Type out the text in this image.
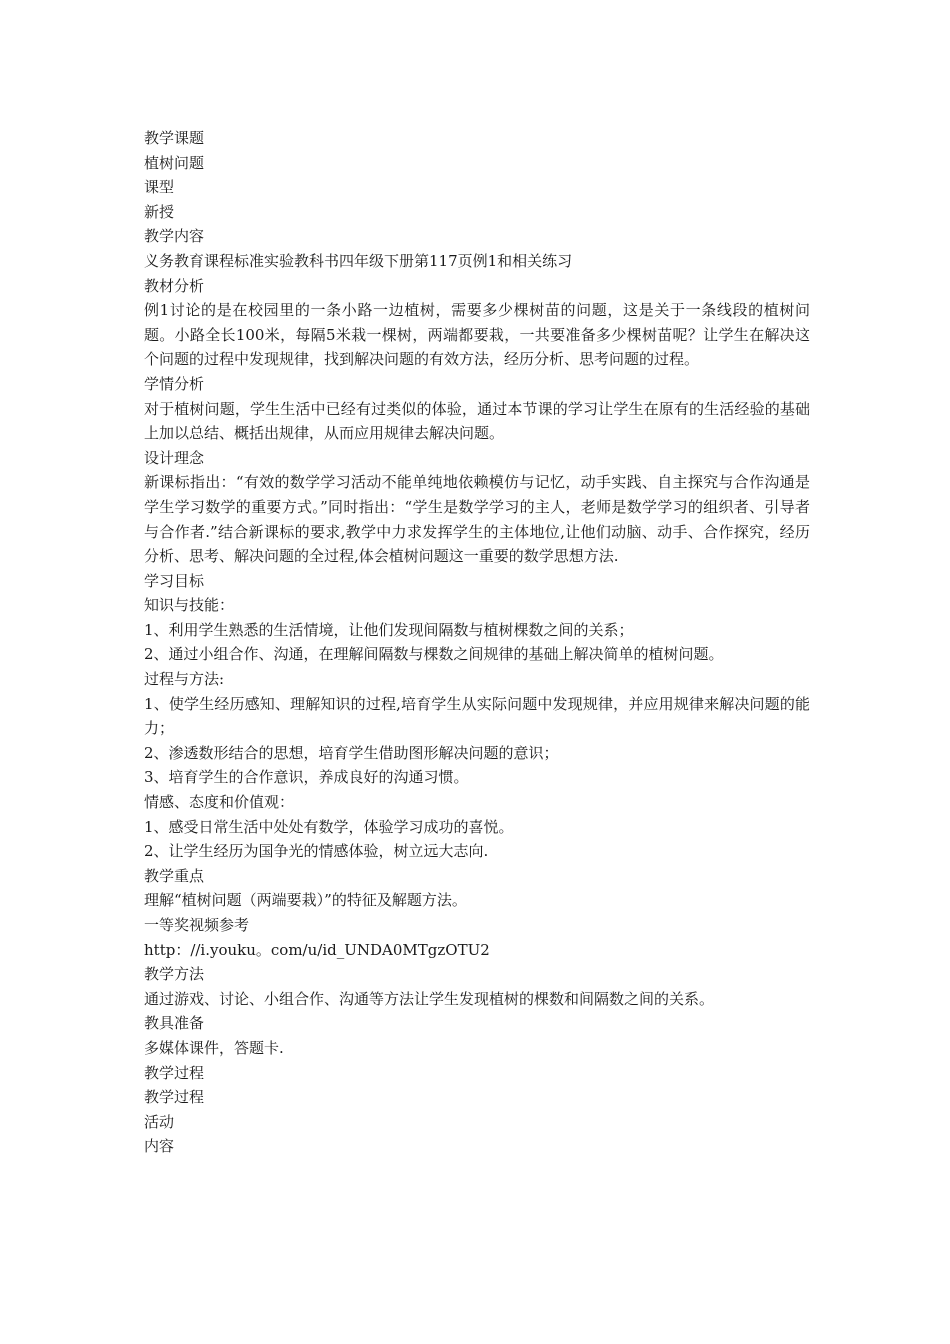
教学课题

植树问题

课型

新授

教学内容

义务教育课程标准实验教科书四年级下册第117页例1和相关练习

教材分析

例1讨论的是在校园里的一条小路一边植树，需要多少棵树苗的问题，这是关于一条线段的植树问题。小路全长100米，每隔5米栽一棵树，两端都要栽，一共要准备多少棵树苗呢？让学生在解决这个问题的过程中发现规律，找到解决问题的有效方法，经历分析、思考问题的过程。

学情分析

对于植树问题，学生生活中已经有过类似的体验，通过本节课的学习让学生在原有的生活经验的基础上加以总结、概括出规律，从而应用规律去解决问题。

设计理念

新课标指出：“有效的数学学习活动不能单纯地依赖模仿与记忆，动手实践、自主探究与合作沟通是学生学习数学的重要方式。”同时指出：“学生是数学学习的主人，老师是数学学习的组织者、引导者与合作者.”结合新课标的要求,教学中力求发挥学生的主体地位,让他们动脑、动手、合作探究，经历分析、思考、解决问题的全过程,体会植树问题这一重要的数学思想方法.

学习目标

知识与技能：

1、利用学生熟悉的生活情境，让他们发现间隔数与植树棵数之间的关系；

2、通过小组合作、沟通，在理解间隔数与棵数之间规律的基础上解决简单的植树问题。

过程与方法:

1、使学生经历感知、理解知识的过程,培育学生从实际问题中发现规律，并应用规律来解决问题的能力；

2、渗透数形结合的思想，培育学生借助图形解决问题的意识；

3、培育学生的合作意识，养成良好的沟通习惯。

情感、态度和价值观：

1、感受日常生活中处处有数学，体验学习成功的喜悦。

2、让学生经历为国争光的情感体验，树立远大志向.

教学重点

理解“植树问题（两端要栽）”的特征及解题方法。

一等奖视频参考

http：//i.youku。com/u/id_UNDA0MTgzOTU2

教学方法

通过游戏、讨论、小组合作、沟通等方法让学生发现植树的棵数和间隔数之间的关系。

教具准备

多媒体课件，答题卡.

教学过程

教学过程

活动

内容
